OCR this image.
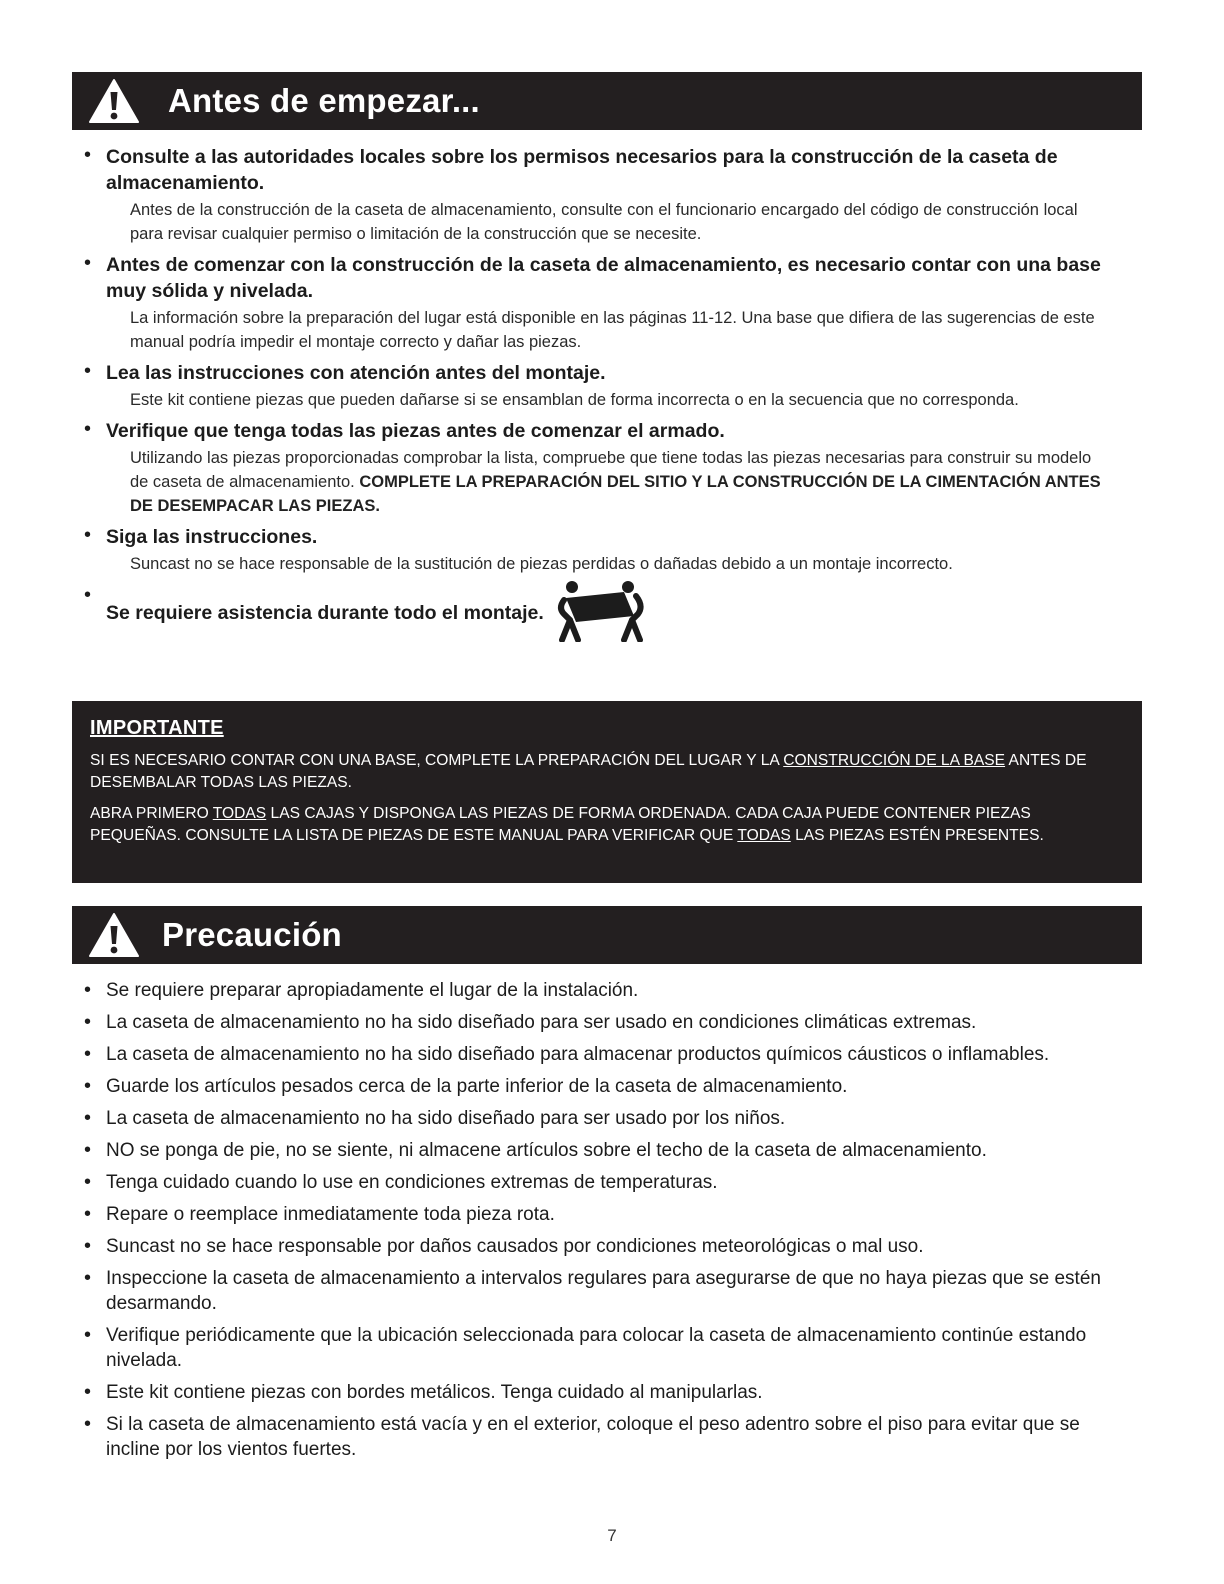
Antes de empezar...
• Consulte a las autoridades locales sobre los permisos necesarios para la construcción de la caseta de almacenamiento.
Antes de la construcción de la caseta de almacenamiento, consulte con el funcionario encargado del código de construcción local para revisar cualquier permiso o limitación de la construcción que se necesite.
• Antes de comenzar con la construcción de la caseta de almacenamiento, es necesario contar con una base muy sólida y nivelada.
La información sobre la preparación del lugar está disponible en las páginas 11-12. Una base que difiera de las sugerencias de este manual podría impedir el montaje correcto y dañar las piezas.
• Lea las instrucciones con atención antes del montaje.
Este kit contiene piezas que pueden dañarse si se ensamblan de forma incorrecta o en la secuencia que no corresponda.
• Verifique que tenga todas las piezas antes de comenzar el armado.
Utilizando las piezas proporcionadas comprobar la lista, compruebe que tiene todas las piezas necesarias para construir su modelo de caseta de almacenamiento. COMPLETE LA PREPARACIÓN DEL SITIO Y LA CONSTRUCCIÓN DE LA CIMENTACIÓN ANTES DE DESEMPACAR LAS PIEZAS.
• Siga las instrucciones.
Suncast no se hace responsable de la sustitución de piezas perdidas o dañadas debido a un montaje incorrecto.
• Se requiere asistencia durante todo el montaje.
IMPORTANTE

SI ES NECESARIO CONTAR CON UNA BASE, COMPLETE LA PREPARACIÓN DEL LUGAR Y LA CONSTRUCCIÓN DE LA BASE ANTES DE DESEMBALAR TODAS LAS PIEZAS.

ABRA PRIMERO TODAS LAS CAJAS Y DISPONGA LAS PIEZAS DE FORMA ORDENADA. CADA CAJA PUEDE CONTENER PIEZAS PEQUEÑAS. CONSULTE LA LISTA DE PIEZAS DE ESTE MANUAL PARA VERIFICAR QUE TODAS LAS PIEZAS ESTÉN PRESENTES.

Precaución
• Se requiere preparar apropiadamente el lugar de la instalación.
• La caseta de almacenamiento no ha sido diseñado para ser usado en condiciones climáticas extremas.
• La caseta de almacenamiento no ha sido diseñado para almacenar productos químicos cáusticos o inflamables.
• Guarde los artículos pesados cerca de la parte inferior de la caseta de almacenamiento.
• La caseta de almacenamiento no ha sido diseñado para ser usado por los niños.
• NO se ponga de pie, no se siente, ni almacene artículos sobre el techo de la caseta de almacenamiento.
• Tenga cuidado cuando lo use en condiciones extremas de temperaturas.
• Repare o reemplace inmediatamente toda pieza rota.
• Suncast no se hace responsable por daños causados por condiciones meteorológicas o mal uso.
• Inspeccione la caseta de almacenamiento a intervalos regulares para asegurarse de que no haya piezas que se estén desarmando.
• Verifique periódicamente que la ubicación seleccionada para colocar la caseta de almacenamiento continúe estando nivelada.
• Este kit contiene piezas con bordes metálicos. Tenga cuidado al manipularlas.
• Si la caseta de almacenamiento está vacía y en el exterior, coloque el peso adentro sobre el piso para evitar que se incline por los vientos fuertes.
7
